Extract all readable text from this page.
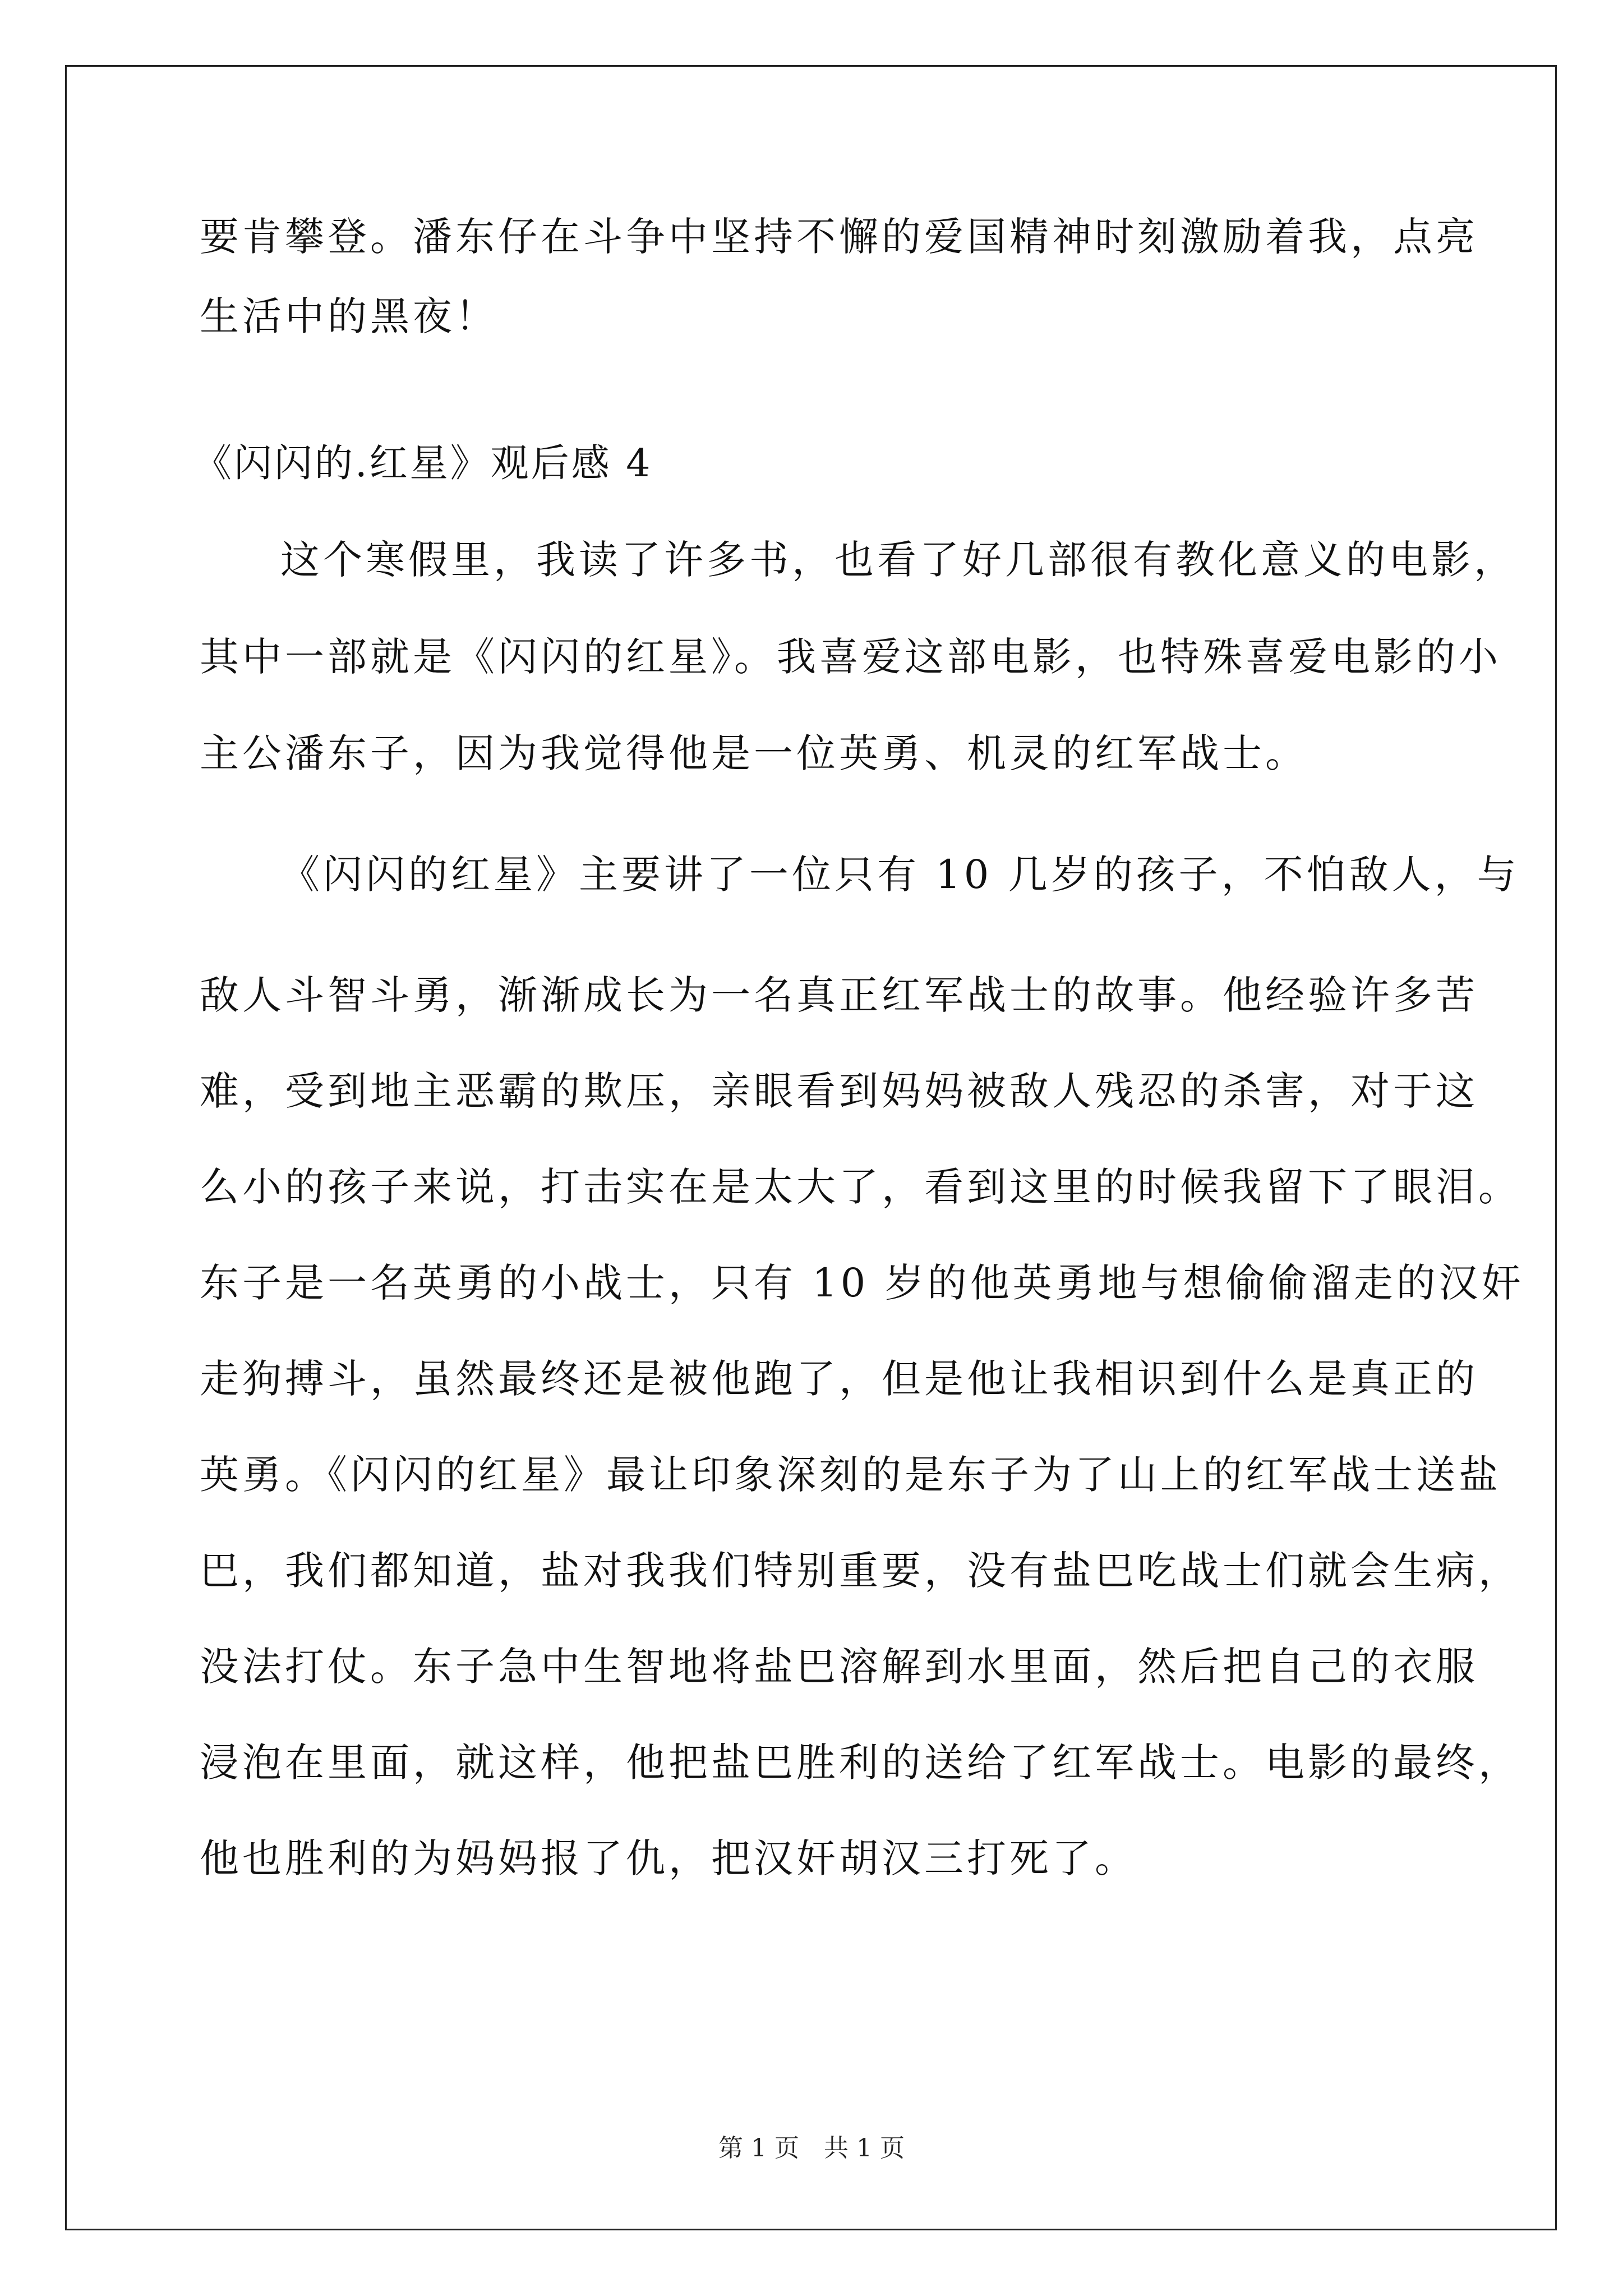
要肯攀登。潘东仔在斗争中坚持不懈的爱国精神时刻激励着我，点亮

生活中的黑夜！

《闪闪的.红星》观后感 4

这个寒假里，我读了许多书，也看了好几部很有教化意义的电影，

其中一部就是《闪闪的红星》。我喜爱这部电影，也特殊喜爱电影的小

主公潘东子，因为我觉得他是一位英勇、机灵的红军战士。

《闪闪的红星》主要讲了一位只有 10 几岁的孩子，不怕敌人，与

敌人斗智斗勇，渐渐成长为一名真正红军战士的故事。他经验许多苦

难，受到地主恶霸的欺压，亲眼看到妈妈被敌人残忍的杀害，对于这

么小的孩子来说，打击实在是太大了，看到这里的时候我留下了眼泪。

东子是一名英勇的小战士，只有 10 岁的他英勇地与想偷偷溜走的汉奸

走狗搏斗，虽然最终还是被他跑了，但是他让我相识到什么是真正的

英勇。《闪闪的红星》最让印象深刻的是东子为了山上的红军战士送盐

巴，我们都知道，盐对我我们特别重要，没有盐巴吃战士们就会生病，

没法打仗。东子急中生智地将盐巴溶解到水里面，然后把自己的衣服

浸泡在里面，就这样，他把盐巴胜利的送给了红军战士。电影的最终，

他也胜利的为妈妈报了仇，把汉奸胡汉三打死了。

第 1 页　共 1 页
